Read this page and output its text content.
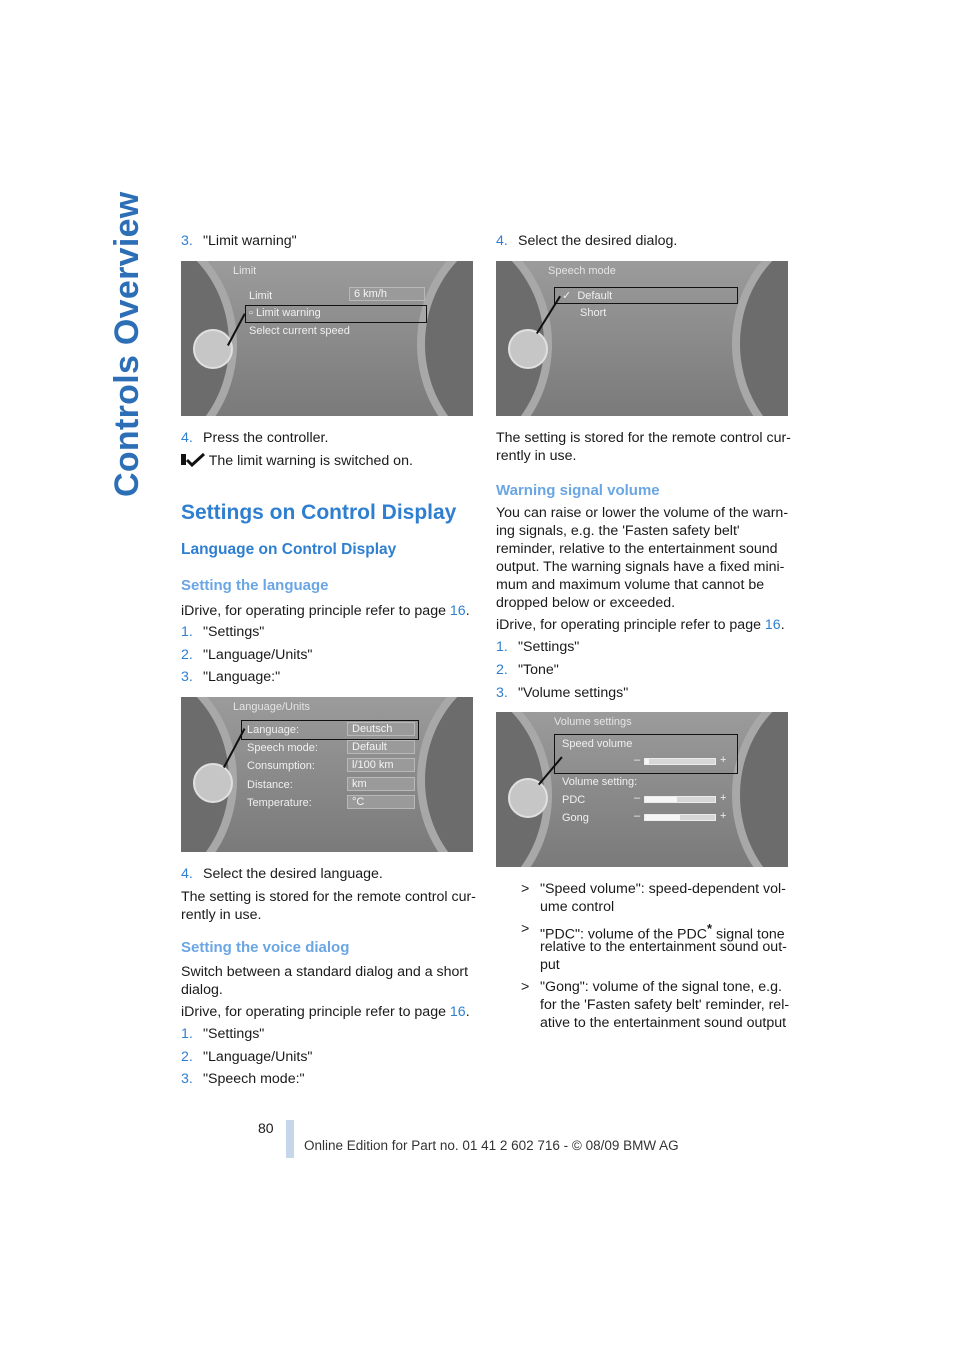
Controls Overview 3. "Limit warning"
Limit
Limit	6 km/h
▫ Limit warning
Select current speed
4. Press the controller.
The limit warning is switched on.
Settings on Control Display
Language on Control Display
Setting the language
iDrive, for operating principle refer to page 16.
1. "Settings"
2. "Language/Units"
3. "Language:"
Language/Units
Language:	Deutsch
Speech mode:	Default
Consumption:	l/100 km
Distance:	km
Temperature:	°C
4. Select the desired language.
The setting is stored for the remote control cur-
rently in use.
Setting the voice dialog
Switch between a standard dialog and a short
dialog.
iDrive, for operating principle refer to page 16.
1. "Settings"
2. "Language/Units"
3. "Speech mode:"
4. Select the desired dialog.
Speech mode
✓ Default
Short
The setting is stored for the remote control cur-
rently in use.
Warning signal volume
You can raise or lower the volume of the warn-
ing signals, e.g. the 'Fasten safety belt'
reminder, relative to the entertainment sound
output. The warning signals have a fixed mini-
mum and maximum volume that cannot be
dropped below or exceeded.
iDrive, for operating principle refer to page 16.
1. "Settings"
2. "Tone"
3. "Volume settings"
Volume settings
Speed volume
–	+
Volume setting:
PDC	–	+
Gong	–	+
> "Speed volume": speed-dependent vol-
ume control
> "PDC": volume of the PDC* signal tone
relative to the entertainment sound out-
put
> "Gong": volume of the signal tone, e.g.
for the 'Fasten safety belt' reminder, rel-
ative to the entertainment sound output
80
Online Edition for Part no. 01 41 2 602 716 - © 08/09 BMW AG
